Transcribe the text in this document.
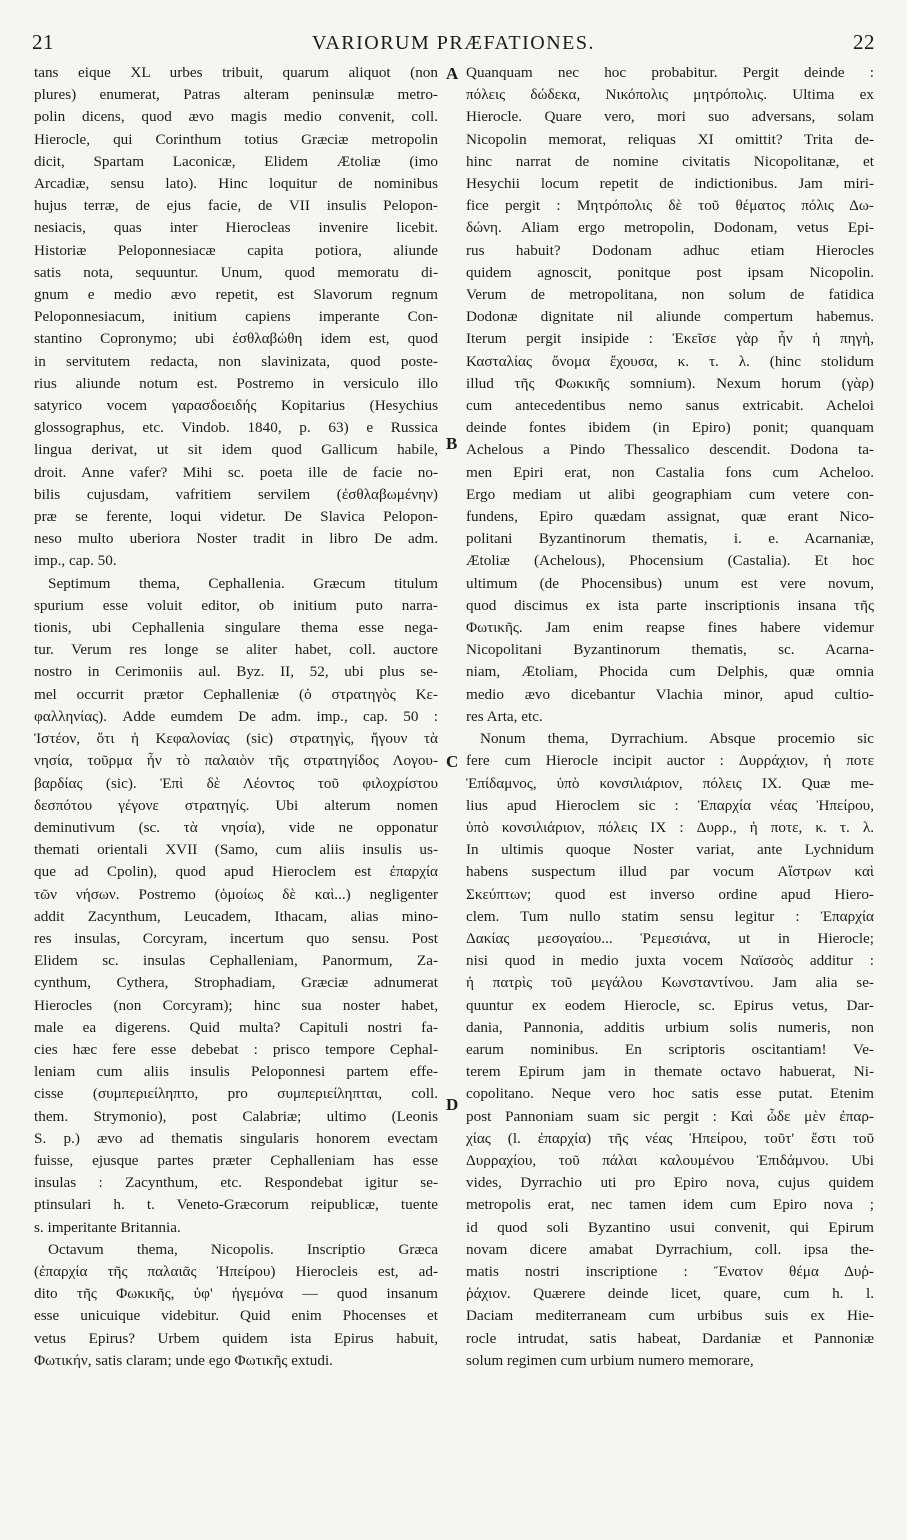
21	VARIORUM PRÆFATIONES.	22

tans eique XL urbes tribuit, quarum aliquot (non

plures) enumerat, Patras alteram peninsulæ metro-

polin dicens, quod ævo magis medio convenit, coll.

Hierocle, qui Corinthum totius Græciæ metropolin

dicit, Spartam Laconicæ, Elidem Ætoliæ (imo

Arcadiæ, sensu lato). Hinc loquitur de nominibus

hujus terræ, de ejus facie, de VII insulis Pelopon-

nesiacis, quas inter Hierocleas invenire licebit.

Historiæ Peloponnesiacæ capita potiora, aliunde

satis nota, sequuntur. Unum, quod memoratu di-

gnum e medio ævo repetit, est Slavorum regnum

Peloponnesiacum, initium capiens imperante Con-

stantino Copronymo; ubi ἐσθλαβώθη idem est, quod

in servitutem redacta, non slavinizata, quod poste-

rius aliunde notum est. Postremo in versiculo illo

satyrico vocem γαρασδοειδής Kopitarius (Hesychius

glossographus, etc. Vindob. 1840, p. 63) e Russica

lingua derivat, ut sit idem quod Gallicum habile,

droit. Anne vafer? Mihi sc. poeta ille de facie no-

bilis cujusdam, vafritiem servilem (ἐσθλαβωμένην)

præ se ferente, loqui videtur. De Slavica Pelopon-

neso multo uberiora Noster tradit in libro De adm.

imp., cap. 50.

Septimum thema, Cephallenia. Græcum titulum

spurium esse voluit editor, ob initium puto narra-

tionis, ubi Cephallenia singulare thema esse nega-

tur. Verum res longe se aliter habet, coll. auctore

nostro in Cerimoniis aul. Byz. II, 52, ubi plus se-

mel occurrit prætor Cephalleniæ (ὁ στρατηγὸς Κε-

φαλληνίας). Adde eumdem De adm. imp., cap. 50 :

Ἰστέον, ὅτι ἡ Κεφαλονίας (sic) στρατηγὶς, ἤγουν τὰ

νησία, τοῦρμα ἦν τὸ παλαιὸν τῆς στρατηγίδος Λογου-

βαρδίας (sic). Ἐπὶ δὲ Λέοντος τοῦ φιλοχρίστου

δεσπότου γέγονε στρατηγίς. Ubi alterum nomen

deminutivum (sc. τὰ νησία), vide ne opponatur

themati orientali XVII (Samo, cum aliis insulis us-

que ad Cpolin), quod apud Hieroclem est ἐπαρχία

τῶν νήσων. Postremo (ὁμοίως δὲ καὶ...) negligenter

addit Zacynthum, Leucadem, Ithacam, alias mino-

res insulas, Corcyram, incertum quo sensu. Post

Elidem sc. insulas Cephalleniam, Panormum, Za-

cynthum, Cythera, Strophadiam, Græciæ adnumerat

Hierocles (non Corcyram); hinc sua noster habet,

male ea digerens. Quid multa? Capituli nostri fa-

cies hæc fere esse debebat : prisco tempore Cephal-

leniam cum aliis insulis Peloponnesi partem effe-

cisse (συμπεριείληπτο, pro συμπεριείληπται, coll.

them. Strymonio), post Calabriæ; ultimo (Leonis

S. p.) ævo ad thematis singularis honorem evectam

fuisse, ejusque partes præter Cephalleniam has esse

insulas : Zacynthum, etc. Respondebat igitur se-

ptinsulari h. t. Veneto-Græcorum reipublicæ, tuente

s. imperitante Britannia.

Octavum thema, Nicopolis. Inscriptio Græca

(ἐπαρχία τῆς παλαιᾶς Ἠπείρου) Hierocleis est, ad-

dito τῆς Φωκικῆς, ὑφ' ἡγεμόνα — quod insanum

esse unicuique videbitur. Quid enim Phocenses et

vetus Epirus? Urbem quidem ista Epirus habuit,

Φωτικήν, satis claram; unde ego Φωτικῆς extudi.

Quanquam nec hoc probabitur. Pergit deinde :

πόλεις δώδεκα, Νικόπολις μητρόπολις. Ultima ex

Hierocle. Quare vero, mori suo adversans, solam

Nicopolin memorat, reliquas XI omittit? Trita de-

hinc narrat de nomine civitatis Nicopolitanæ, et

Hesychii locum repetit de indictionibus. Jam miri-

fice pergit : Μητρόπολις δὲ τοῦ θέματος πόλις Δω-

δώνη. Aliam ergo metropolin, Dodonam, vetus Epi-

rus habuit? Dodonam adhuc etiam Hierocles

quidem agnoscit, ponitque post ipsam Nicopolin.

Verum de metropolitana, non solum de fatidica

Dodonæ dignitate nil aliunde compertum habemus.

Iterum pergit insipide : Ἐκεῖσε γὰρ ἦν ἡ πηγὴ,

Κασταλίας ὄνομα ἔχουσα, κ. τ. λ. (hinc stolidum

illud τῆς Φωκικῆς somnium). Nexum horum (γὰρ)

cum antecedentibus nemo sanus extricabit. Acheloi

deinde fontes ibidem (in Epiro) ponit; quanquam

Achelous a Pindo Thessalico descendit. Dodona ta-

men Epiri erat, non Castalia fons cum Acheloo.

Ergo mediam ut alibi geographiam cum vetere con-

fundens, Epiro quædam assignat, quæ erant Nico-

politani Byzantinorum thematis, i. e. Acarnaniæ,

Ætoliæ (Achelous), Phocensium (Castalia). Et hoc

ultimum (de Phocensibus) unum est vere novum,

quod discimus ex ista parte inscriptionis insana τῆς

Φωτικῆς. Jam enim reapse fines habere videmur

Nicopolitani Byzantinorum thematis, sc. Acarna-

niam, Ætoliam, Phocida cum Delphis, quæ omnia

medio ævo dicebantur Vlachia minor, apud cultio-

res Arta, etc.

Nonum thema, Dyrrachium. Absque procemio sic

fere cum Hierocle incipit auctor : Δυρράχιον, ἡ ποτε

Ἐπίδαμνος, ὑπὸ κονσιλιάριον, πόλεις IX. Quæ me-

lius apud Hieroclem sic : Ἐπαρχία νέας Ἠπείρου,

ὑπὸ κονσιλιάριον, πόλεις IX : Δυρρ., ἡ ποτε, κ. τ. λ.

In ultimis quoque Noster variat, ante Lychnidum

habens suspectum illud par vocum Αἴστρων καὶ

Σκεύπτων; quod est inverso ordine apud Hiero-

clem. Tum nullo statim sensu legitur : Ἐπαρχία

Δακίας μεσογαίου... Ῥεμεσιάνα, ut in Hierocle;

nisi quod in medio juxta vocem Ναϊσσὸς additur :

ἡ πατρὶς τοῦ μεγάλου Κωνσταντίνου. Jam alia se-

quuntur ex eodem Hierocle, sc. Epirus vetus, Dar-

dania, Pannonia, additis urbium solis numeris, non

earum nominibus. En scriptoris oscitantiam! Ve-

terem Epirum jam in themate octavo habuerat, Ni-

copolitano. Neque vero hoc satis esse putat. Etenim

post Pannoniam suam sic pergit : Καὶ ὧδε μὲν ἐπαρ-

χίας (l. ἐπαρχία) τῆς νέας Ἠπείρου, τοῦτ' ἔστι τοῦ

Δυρραχίου, τοῦ πάλαι καλουμένου Ἐπιδάμνου. Ubi

vides, Dyrrachio uti pro Epiro nova, cujus quidem

metropolis erat, nec tamen idem cum Epiro nova ;

id quod soli Byzantino usui convenit, qui Epirum

novam dicere amabat Dyrrachium, coll. ipsa the-

matis nostri inscriptione : Ἔνατον θέμα Δυῤ-

ῥάχιον. Quærere deinde licet, quare, cum h. l.

Daciam mediterraneam cum urbibus suis ex Hie-

rocle intrudat, satis habeat, Dardaniæ et Pannoniæ

solum regimen cum urbium numero memorare,

A
B
C
D
